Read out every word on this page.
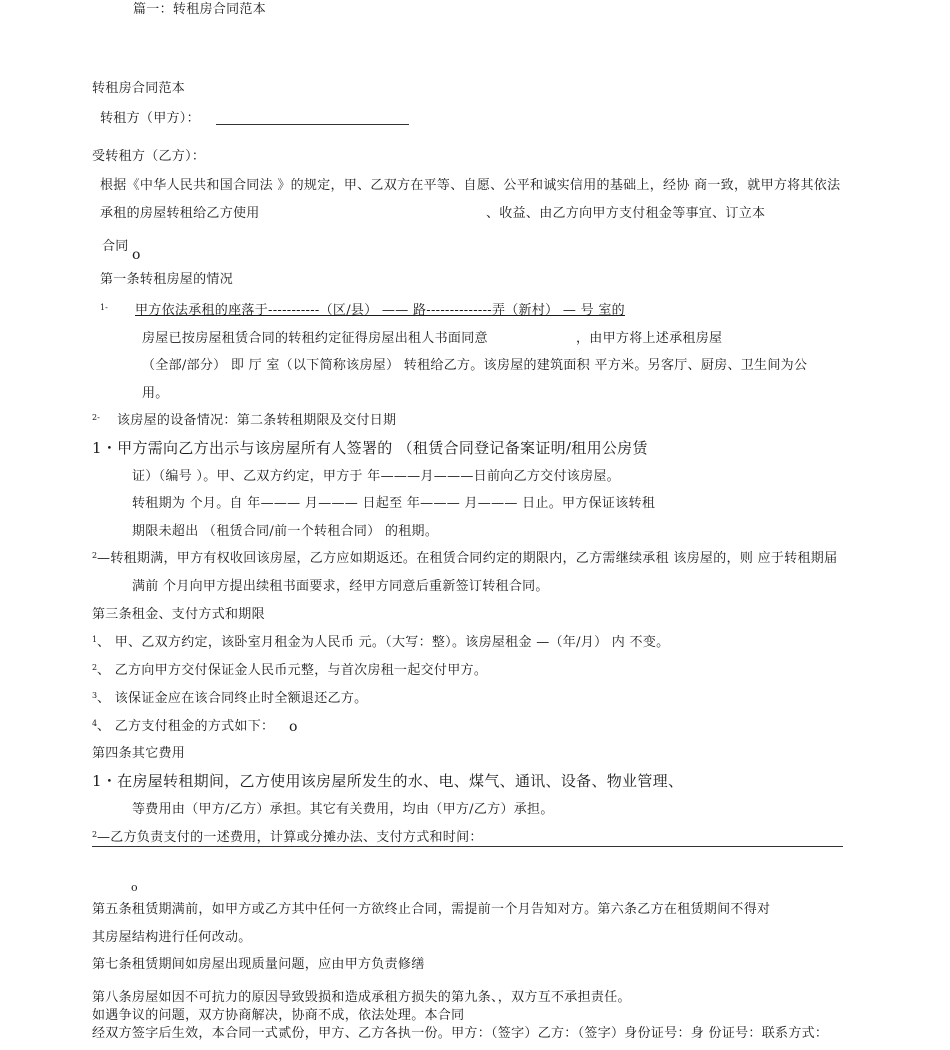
篇一：转租房合同范本
转租房合同范本
转租方（甲方）：
受转租方（乙方）：
根据《中华人民共和国合同法 》的规定，甲、乙双方在平等、自愿、公平和诚实信用的基础上，经协 商一致，就甲方将其依法
承租的房屋转租给乙方使用	、收益、由乙方向甲方支付租金等事宜、订立本
合同
o
第一条转租房屋的情况
1- 甲方依法承租的座落于-----------（区/县） —— 路--------------弄（新村） — 号 室的
房屋已按房屋租赁合同的转租约定征得房屋出租人书面同意	，由甲方将上述承租房屋
（全部/部分） 即 厅 室（以下简称该房屋） 转租给乙方。该房屋的建筑面积 平方米。另客厅、厨房、卫生间为公
用。
2- 该房屋的设备情况：第二条转租期限及交付日期
1・甲方需向乙方出示与该房屋所有人签署的 （租赁合同登记备案证明/租用公房赁
证）（编号 ）。甲、乙双方约定，甲方于 年———月———日前向乙方交付该房屋。
转租期为 个月。自 年——— 月——— 日起至 年——— 月——— 日止。甲方保证该转租
期限未超出 （租赁合同/前一个转租合同） 的租期。
2 —转租期满，甲方有权收回该房屋，乙方应如期返还。在租赁合同约定的期限内，乙方需继续承租 该房屋的，则 应于转租期届
满前 个月向甲方提出续租书面要求，经甲方同意后重新签订转租合同。
第三条租金、支付方式和期限
1 、 甲、乙双方约定，该卧室月租金为人民币 元。（大写：整）。该房屋租金 —（年/月） 内 不变。
2 、 乙方向甲方交付保证金人民币元整，与首次房租一起交付甲方。
3 、 该保证金应在该合同终止时全额退还乙方。
4 、 乙方支付租金的方式如下： o
第四条其它费用
1・在房屋转租期间，乙方使用该房屋所发生的水、电、煤气、通讯、设备、物业管理、
等费用由（甲方/乙方）承担。其它有关费用，均由（甲方/乙方）承担。
2 —乙方负责支付的一述费用，计算或分摊办法、支付方式和时间：
o
第五条租赁期满前，如甲方或乙方其中任何一方欲终止合同，需提前一个月告知对方。第六条乙方在租赁期间不得对
其房屋结构进行任何改动。
第七条租赁期间如房屋出现质量问题，应由甲方负责修缮
第八条房屋如因不可抗力的原因导致毁损和造成承租方损失的第九条、，双方互不承担责任。
如遇争议的问题，双方协商解决，协商不成，依法处理。本合同
经双方签字后生效，本合同一式贰份，甲方、乙方各执一份。甲方：（签字）乙方：（签字）身份证号：身 份证号：联系方式：
